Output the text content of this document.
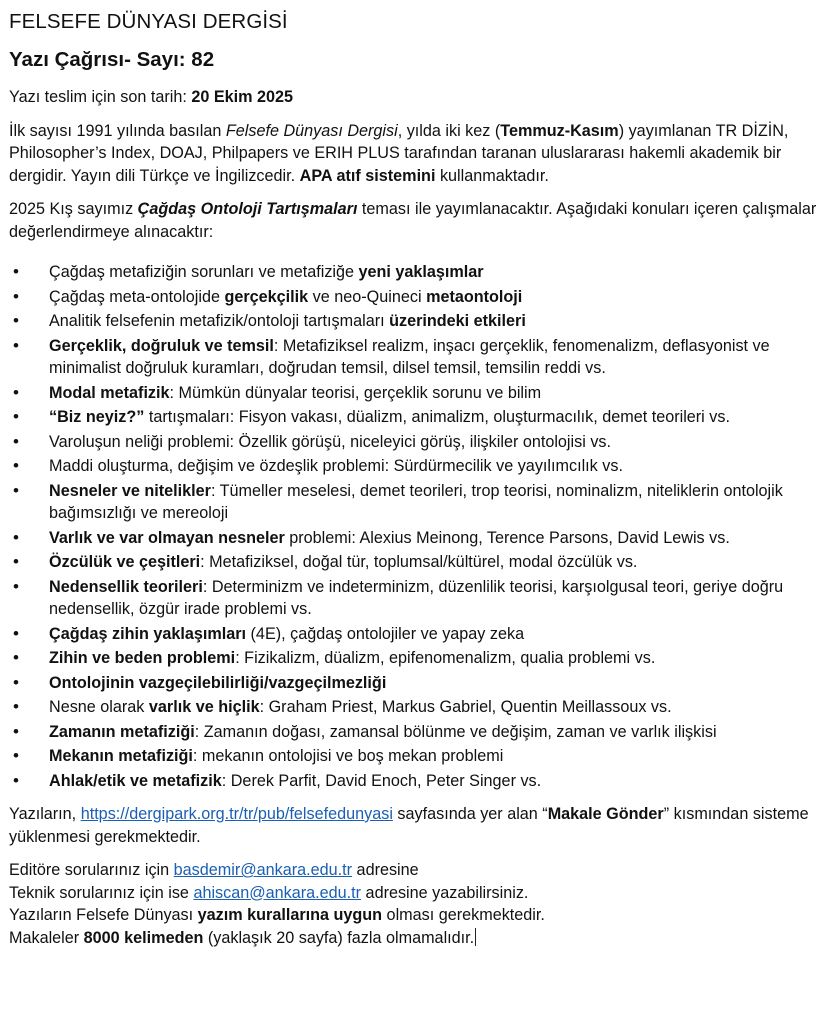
FELSEFE DÜNYASI DERGİSİ
Yazı Çağrısı- Sayı: 82

Yazı teslim için son tarih: 20 Ekim 2025

İlk sayısı 1991 yılında basılan Felsefe Dünyası Dergisi, yılda iki kez (Temmuz-Kasım) yayımlanan TR DİZİN, Philosopher’s Index, DOAJ, Philpapers ve ERIH PLUS tarafından taranan uluslararası hakemli akademik bir dergidir. Yayın dili Türkçe ve İngilizcedir. APA atıf sistemini kullanmaktadır.

2025 Kış sayımız Çağdaş Ontoloji Tartışmaları teması ile yayımlanacaktır. Aşağıdaki konuları içeren çalışmalar değerlendirmeye alınacaktır:

• Çağdaş metafiziğin sorunları ve metafiziğe yeni yaklaşımlar
• Çağdaş meta-ontolojide gerçekçilik ve neo-Quineci metaontoloji
• Analitik felsefenin metafizik/ontoloji tartışmaları üzerindeki etkileri
• Gerçeklik, doğruluk ve temsil: Metafiziksel realizm, inşacı gerçeklik, fenomenalizm, deflasyonist ve minimalist doğruluk kuramları, doğrudan temsil, dilsel temsil, temsilin reddi vs.
• Modal metafizik: Mümkün dünyalar teorisi, gerçeklik sorunu ve bilim
• “Biz neyiz?” tartışmaları: Fisyon vakası, düalizm, animalizm, oluşturmacılık, demet teorileri vs.
• Varoluşun neliği problemi: Özellik görüşü, niceleyici görüş, ilişkiler ontolojisi vs.
• Maddi oluşturma, değişim ve özdeşlik problemi: Sürdürmecilik ve yayılımcılık vs.
• Nesneler ve nitelikler: Tümeller meselesi, demet teorileri, trop teorisi, nominalizm, niteliklerin ontolojik bağımsızlığı ve mereoloji
• Varlık ve var olmayan nesneler problemi: Alexius Meinong, Terence Parsons, David Lewis vs.
• Özcülük ve çeşitleri: Metafiziksel, doğal tür, toplumsal/kültürel, modal özcülük vs.
• Nedensellik teorileri: Determinizm ve indeterminizm, düzenlilik teorisi, karşıolgusal teori, geriye doğru nedensellik, özgür irade problemi vs.
• Çağdaş zihin yaklaşımları (4E), çağdaş ontolojiler ve yapay zeka
• Zihin ve beden problemi: Fizikalizm, düalizm, epifenomenalizm, qualia problemi vs.
• Ontolojinin vazgeçilebilirliği/vazgeçilmezliği
• Nesne olarak varlık ve hiçlik: Graham Priest, Markus Gabriel, Quentin Meillassoux vs.
• Zamanın metafiziği: Zamanın doğası, zamansal bölünme ve değişim, zaman ve varlık ilişkisi
• Mekanın metafiziği: mekanın ontolojisi ve boş mekan problemi
• Ahlak/etik ve metafizik: Derek Parfit, David Enoch, Peter Singer vs.

Yazıların, https://dergipark.org.tr/tr/pub/felsefedunyasi sayfasında yer alan “Makale Gönder” kısmından sisteme yüklenmesi gerekmektedir.

Editöre sorularınız için basdemir@ankara.edu.tr adresine

Teknik sorularınız için ise ahiscan@ankara.edu.tr adresine yazabilirsiniz.

Yazıların Felsefe Dünyası yazım kurallarına uygun olması gerekmektedir.

Makaleler 8000 kelimeden (yaklaşık 20 sayfa) fazla olmamalıdır.
